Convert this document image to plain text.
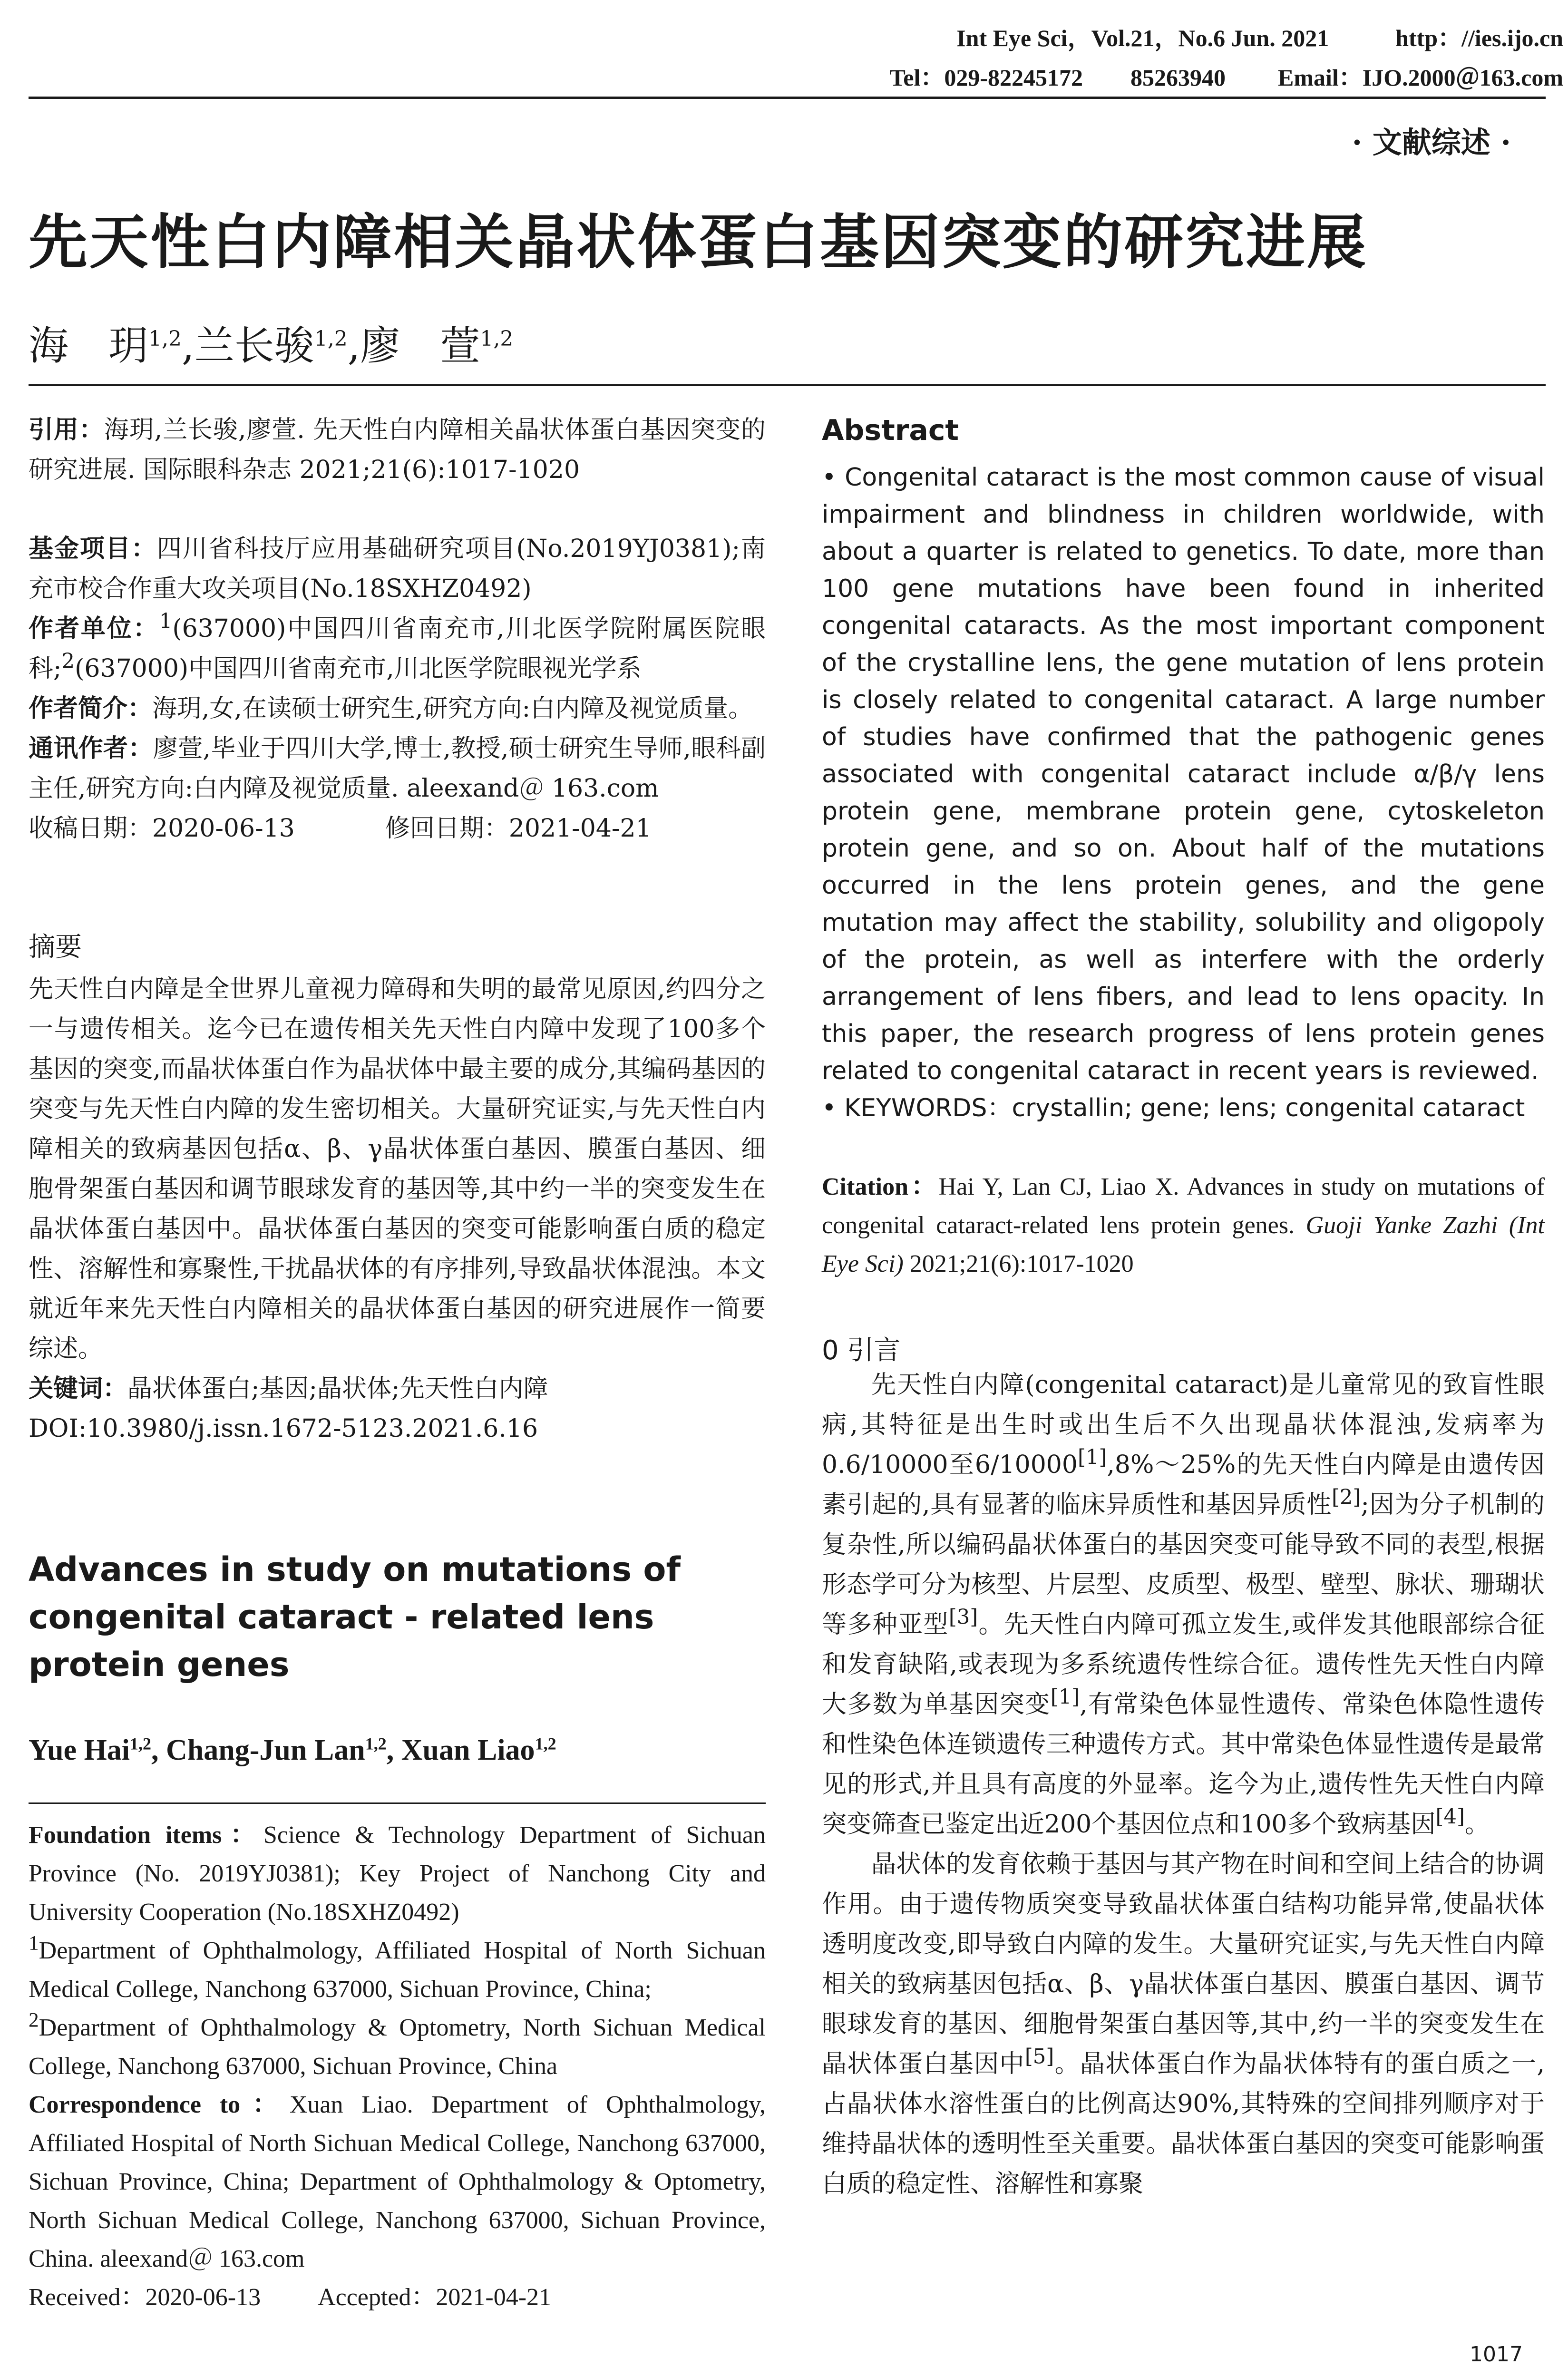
Int Eye Sci，Vol.21，No.6 Jun. 2021	http：//ies.ijo.cn
Tel：029-82245172　　85263940 Email：IJO.2000＠163.com
· 文献综述 ·
先天性白内障相关晶状体蛋白基因突变的研究进展
海　玥$^{1,2}$,兰长骏$^{1,2}$,廖　萱$^{1,2}$
引用：海玥,兰长骏,廖萱. 先天性白内障相关晶状体蛋白基因突变的研究进展. 国际眼科杂志 2021;21(6):1017-1020

基金项目：四川省科技厅应用基础研究项目(No.2019YJ0381);南充市校合作重大攻关项目(No.18SXHZ0492)

作者单位：$^1$(637000)中国四川省南充市,川北医学院附属医院眼科;$^2$(637000)中国四川省南充市,川北医学院眼视光学系

作者简介：海玥,女,在读硕士研究生,研究方向:白内障及视觉质量。

通讯作者：廖萱,毕业于四川大学,博士,教授,硕士研究生导师,眼科副主任,研究方向:白内障及视觉质量. aleexand＠ 163.com

收稿日期：2020-06-13	修回日期：2021-04-21

摘要

先天性白内障是全世界儿童视力障碍和失明的最常见原因,约四分之一与遗传相关。迄今已在遗传相关先天性白内障中发现了100多个基因的突变,而晶状体蛋白作为晶状体中最主要的成分,其编码基因的突变与先天性白内障的发生密切相关。大量研究证实,与先天性白内障相关的致病基因包括α、β、γ晶状体蛋白基因、膜蛋白基因、细胞骨架蛋白基因和调节眼球发育的基因等,其中约一半的突变发生在晶状体蛋白基因中。晶状体蛋白基因的突变可能影响蛋白质的稳定性、溶解性和寡聚性,干扰晶状体的有序排列,导致晶状体混浊。本文就近年来先天性白内障相关的晶状体蛋白基因的研究进展作一简要综述。

关键词：晶状体蛋白;基因;晶状体;先天性白内障

DOI:10.3980/j.issn.1672-5123.2021.6.16

Advances in study on mutations of congenital cataract - related lens protein genes
Yue Hai$^{1,2}$, Chang-Jun Lan$^{1,2}$, Xuan Liao$^{1,2}$
Foundation items：Science & Technology Department of Sichuan Province (No. 2019YJ0381); Key Project of Nanchong City and University Cooperation (No.18SXHZ0492)
$^1$Department of Ophthalmology, Affiliated Hospital of North Sichuan Medical College, Nanchong 637000, Sichuan Province, China;
$^2$Department of Ophthalmology & Optometry, North Sichuan Medical College, Nanchong 637000, Sichuan Province, China
Correspondence to：Xuan Liao. Department of Ophthalmology, Affiliated Hospital of North Sichuan Medical College, Nanchong 637000, Sichuan Province, China; Department of Ophthalmology & Optometry, North Sichuan Medical College, Nanchong 637000, Sichuan Province, China. aleexand＠ 163.com
Received：2020-06-13 Accepted：2021-04-21
Abstract
• Congenital cataract is the most common cause of visual impairment and blindness in children worldwide, with about a quarter is related to genetics. To date, more than 100 gene mutations have been found in inherited congenital cataracts. As the most important component of the crystalline lens, the gene mutation of lens protein is closely related to congenital cataract. A large number of studies have confirmed that the pathogenic genes associated with congenital cataract include α/β/γ lens protein gene, membrane protein gene, cytoskeleton protein gene, and so on. About half of the mutations occurred in the lens protein genes, and the gene mutation may affect the stability, solubility and oligopoly of the protein, as well as interfere with the orderly arrangement of lens fibers, and lead to lens opacity. In this paper, the research progress of lens protein genes related to congenital cataract in recent years is reviewed.
• KEYWORDS：crystallin; gene; lens; congenital cataract
Citation：Hai Y, Lan CJ, Liao X. Advances in study on mutations of congenital cataract-related lens protein genes. Guoji Yanke Zazhi (Int Eye Sci) 2021;21(6):1017-1020
0 引言

先天性白内障(congenital cataract)是儿童常见的致盲性眼病,其特征是出生时或出生后不久出现晶状体混浊,发病率为0.6/10000至6/10000[1],8%～25%的先天性白内障是由遗传因素引起的,具有显著的临床异质性和基因异质性[2];因为分子机制的复杂性,所以编码晶状体蛋白的基因突变可能导致不同的表型,根据形态学可分为核型、片层型、皮质型、极型、壁型、脉状、珊瑚状等多种亚型[3]。先天性白内障可孤立发生,或伴发其他眼部综合征和发育缺陷,或表现为多系统遗传性综合征。遗传性先天性白内障大多数为单基因突变[1],有常染色体显性遗传、常染色体隐性遗传和性染色体连锁遗传三种遗传方式。其中常染色体显性遗传是最常见的形式,并且具有高度的外显率。迄今为止,遗传性先天性白内障突变筛查已鉴定出近200个基因位点和100多个致病基因[4]。

晶状体的发育依赖于基因与其产物在时间和空间上结合的协调作用。由于遗传物质突变导致晶状体蛋白结构功能异常,使晶状体透明度改变,即导致白内障的发生。大量研究证实,与先天性白内障相关的致病基因包括α、β、γ晶状体蛋白基因、膜蛋白基因、调节眼球发育的基因、细胞骨架蛋白基因等,其中,约一半的突变发生在晶状体蛋白基因中[5]。晶状体蛋白作为晶状体特有的蛋白质之一,占晶状体水溶性蛋白的比例高达90%,其特殊的空间排列顺序对于维持晶状体的透明性至关重要。晶状体蛋白基因的突变可能影响蛋白质的稳定性、溶解性和寡聚

1017
